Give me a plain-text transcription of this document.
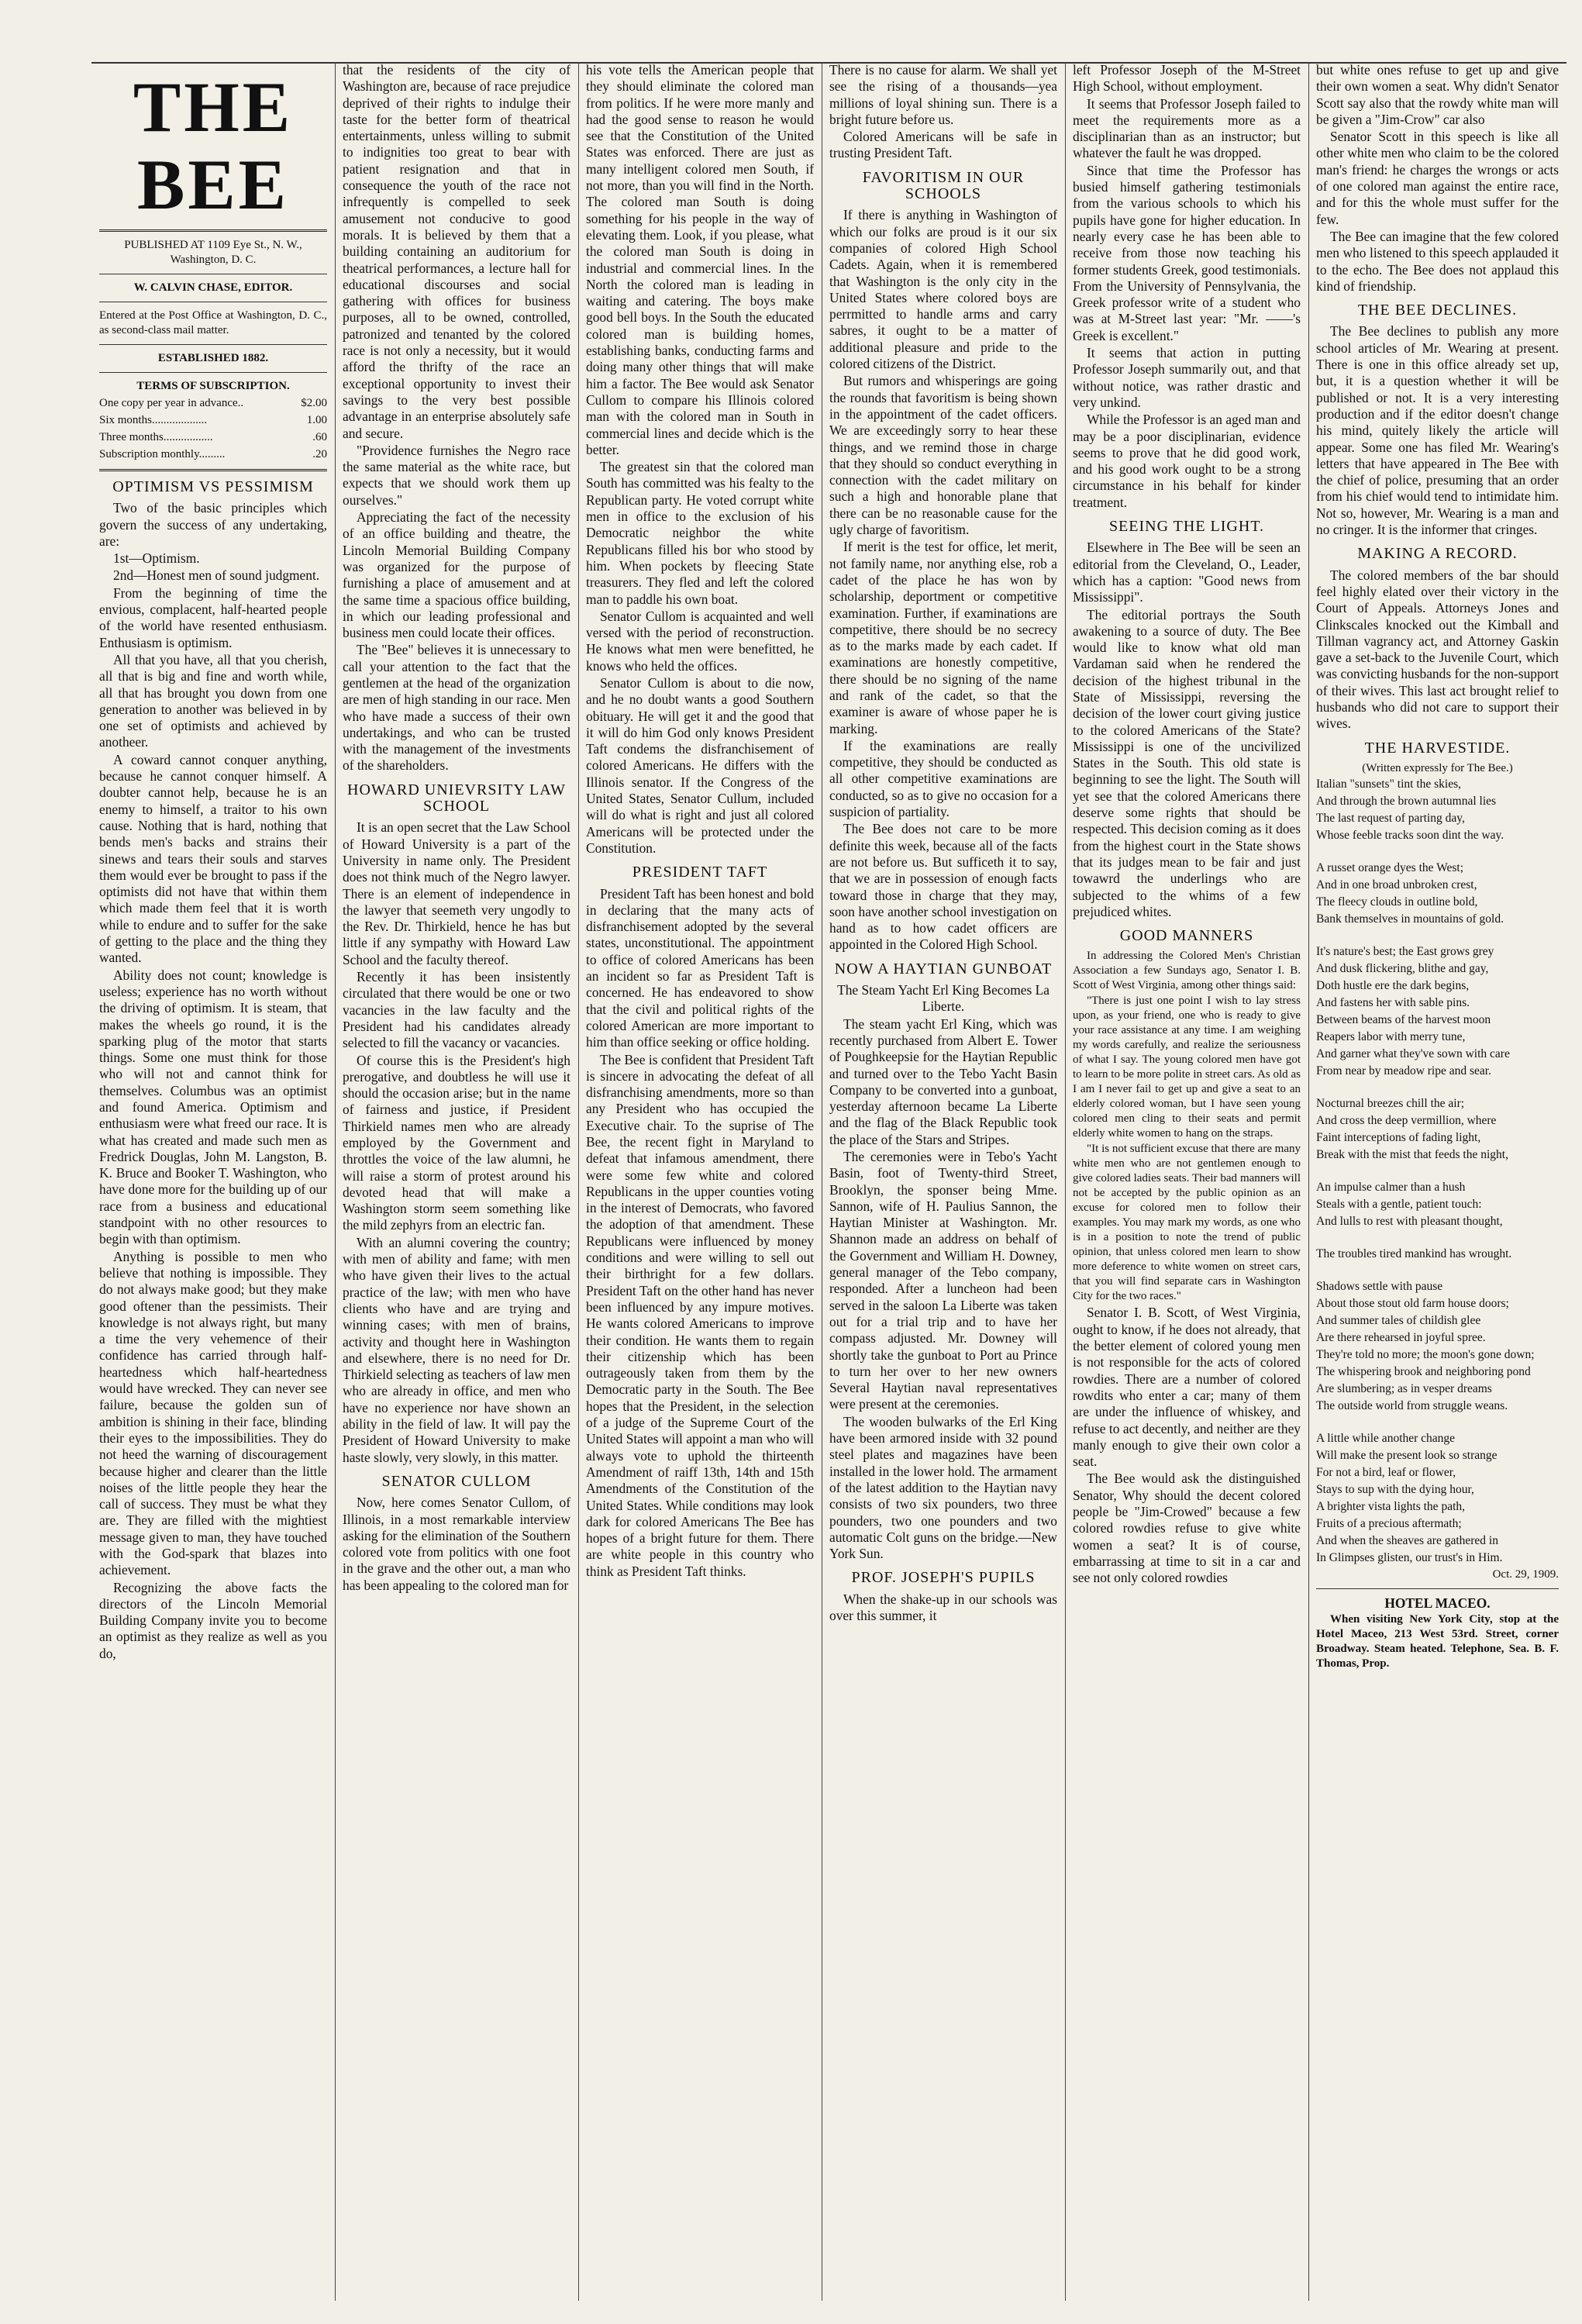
THE BEE

PUBLISHED AT 1109 Eye St., N. W., Washington, D. C.

W. CALVIN CHASE, EDITOR.

Entered at the Post Office at Washington, D. C., as second-class mail matter.

ESTABLISHED 1882.

TERMS OF SUBSCRIPTION.

One copy per year in advance..	$2.00
Six months...................	1.00
Three months.................	.60
Subscription monthly.........	.20
OPTIMISM VS PESSIMISM

Two of the basic principles which govern the success of any undertaking, are:

1st—Optimism.

2nd—Honest men of sound judgment.

From the beginning of time the envious, complacent, half-hearted people of the world have resented enthusiasm. Enthusiasm is optimism.

All that you have, all that you cherish, all that is big and fine and worth while, all that has brought you down from one generation to another was believed in by one set of optimists and achieved by anotheer.

A coward cannot conquer anything, because he cannot conquer himself. A doubter cannot help, because he is an enemy to himself, a traitor to his own cause. Nothing that is hard, nothing that bends men's backs and strains their sinews and tears their souls and starves them would ever be brought to pass if the optimists did not have that within them which made them feel that it is worth while to endure and to suffer for the sake of getting to the place and the thing they wanted.

Ability does not count; knowledge is useless; experience has no worth without the driving of optimism. It is steam, that makes the wheels go round, it is the sparking plug of the motor that starts things. Some one must think for those who will not and cannot think for themselves. Columbus was an optimist and found America. Optimism and enthusiasm were what freed our race. It is what has created and made such men as Fredrick Douglas, John M. Langston, B. K. Bruce and Booker T. Washington, who have done more for the building up of our race from a business and educational standpoint with no other resources to begin with than optimism.

Anything is possible to men who believe that nothing is impossible. They do not always make good; but they make good oftener than the pessimists. Their knowledge is not always right, but many a time the very vehemence of their confidence has carried through half-heartedness which half-heartedness would have wrecked. They can never see failure, because the golden sun of ambition is shining in their face, blinding their eyes to the impossibilities. They do not heed the warning of discouragement because higher and clearer than the little noises of the little people they hear the call of success. They must be what they are. They are filled with the mightiest message given to man, they have touched with the God-spark that blazes into achievement.

Recognizing the above facts the directors of the Lincoln Memorial Building Company invite you to become an optimist as they realize as well as you do,

that the residents of the city of Washington are, because of race prejudice deprived of their rights to indulge their taste for the better form of theatrical entertainments, unless willing to submit to indignities too great to bear with patient resignation and that in consequence the youth of the race not infrequently is compelled to seek amusement not conducive to good morals. It is believed by them that a building containing an auditorium for theatrical performances, a lecture hall for educational discourses and social gathering with offices for business purposes, all to be owned, controlled, patronized and tenanted by the colored race is not only a necessity, but it would afford the thrifty of the race an exceptional opportunity to invest their savings to the very best possible advantage in an enterprise absolutely safe and secure.

"Providence furnishes the Negro race the same material as the white race, but expects that we should work them up ourselves."

Appreciating the fact of the necessity of an office building and theatre, the Lincoln Memorial Building Company was organized for the purpose of furnishing a place of amusement and at the same time a spacious office building, in which our leading professional and business men could locate their offices.

The "Bee" believes it is unnecessary to call your attention to the fact that the gentlemen at the head of the organization are men of high standing in our race. Men who have made a success of their own undertakings, and who can be trusted with the management of the investments of the shareholders.

HOWARD UNIEVRSITY LAW SCHOOL

It is an open secret that the Law School of Howard University is a part of the University in name only. The President does not think much of the Negro lawyer. There is an element of independence in the lawyer that seemeth very ungodly to the Rev. Dr. Thirkield, hence he has but little if any sympathy with Howard Law School and the faculty thereof.

Recently it has been insistently circulated that there would be one or two vacancies in the law faculty and the President had his candidates already selected to fill the vacancy or vacancies.

Of course this is the President's high prerogative, and doubtless he will use it should the occasion arise; but in the name of fairness and justice, if President Thirkield names men who are already employed by the Government and throttles the voice of the law alumni, he will raise a storm of protest around his devoted head that will make a Washington storm seem something like the mild zephyrs from an electric fan.

With an alumni covering the country; with men of ability and fame; with men who have given their lives to the actual practice of the law; with men who have clients who have and are trying and winning cases; with men of brains, activity and thought here in Washington and elsewhere, there is no need for Dr. Thirkield selecting as teachers of law men who are already in office, and men who have no experience nor have shown an ability in the field of law. It will pay the President of Howard University to make haste slowly, very slowly, in this matter.

SENATOR CULLOM

Now, here comes Senator Cullom, of Illinois, in a most remarkable interview asking for the elimination of the Southern colored vote from politics with one foot in the grave and the other out, a man who has been appealing to the colored man for

his vote tells the American people that they should eliminate the colored man from politics. If he were more manly and had the good sense to reason he would see that the Constitution of the United States was enforced. There are just as many intelligent colored men South, if not more, than you will find in the North. The colored man South is doing something for his people in the way of elevating them. Look, if you please, what the colored man South is doing in industrial and commercial lines. In the North the colored man is leading in waiting and catering. The boys make good bell boys. In the South the educated colored man is building homes, establishing banks, conducting farms and doing many other things that will make him a factor. The Bee would ask Senator Cullom to compare his Illinois colored man with the colored man in South in commercial lines and decide which is the better.

The greatest sin that the colored man South has committed was his fealty to the Republican party. He voted corrupt white men in office to the exclusion of his Democratic neighbor the white Republicans filled his bor who stood by him. When pockets by fleecing State treasurers. They fled and left the colored man to paddle his own boat.

Senator Cullom is acquainted and well versed with the period of reconstruction. He knows what men were benefitted, he knows who held the offices.

Senator Cullom is about to die now, and he no doubt wants a good Southern obituary. He will get it and the good that it will do him God only knows President Taft condems the disfranchisement of colored Americans. He differs with the Illinois senator. If the Congress of the United States, Senator Cullum, included will do what is right and just all colored Americans will be protected under the Constitution.

PRESIDENT TAFT

President Taft has been honest and bold in declaring that the many acts of disfranchisement adopted by the several states, unconstitutional. The appointment to office of colored Americans has been an incident so far as President Taft is concerned. He has endeavored to show that the civil and political rights of the colored American are more important to him than office seeking or office holding.

The Bee is confident that President Taft is sincere in advocating the defeat of all disfranchising amendments, more so than any President who has occupied the Executive chair. To the suprise of The Bee, the recent fight in Maryland to defeat that infamous amendment, there were some few white and colored Republicans in the upper counties voting in the interest of Democrats, who favored the adoption of that amendment. These Republicans were influenced by money conditions and were willing to sell out their birthright for a few dollars. President Taft on the other hand has never been influenced by any impure motives. He wants colored Americans to improve their condition. He wants them to regain their citizenship which has been outrageously taken from them by the Democratic party in the South. The Bee hopes that the President, in the selection of a judge of the Supreme Court of the United States will appoint a man who will always vote to uphold the thirteenth Amendment of raiff 13th, 14th and 15th Amendments of the Constitution of the United States. While conditions may look dark for colored Americans The Bee has hopes of a bright future for them. There are white people in this country who think as President Taft thinks.

There is no cause for alarm. We shall yet see the rising of a thousands—yea millions of loyal shining sun. There is a bright future before us.

Colored Americans will be safe in trusting President Taft.

FAVORITISM IN OUR SCHOOLS

If there is anything in Washington of which our folks are proud is it our six companies of colored High School Cadets. Again, when it is remembered that Washington is the only city in the United States where colored boys are perrmitted to handle arms and carry sabres, it ought to be a matter of additional pleasure and pride to the colored citizens of the District.

But rumors and whisperings are going the rounds that favoritism is being shown in the appointment of the cadet officers. We are exceedingly sorry to hear these things, and we remind those in charge that they should so conduct everything in connection with the cadet military on such a high and honorable plane that there can be no reasonable cause for the ugly charge of favoritism.

If merit is the test for office, let merit, not family name, nor anything else, rob a cadet of the place he has won by scholarship, deportment or competitive examination. Further, if examinations are competitive, there should be no secrecy as to the marks made by each cadet. If examinations are honestly competitive, there should be no signing of the name and rank of the cadet, so that the examiner is aware of whose paper he is marking.

If the examinations are really competitive, they should be conducted as all other competitive examinations are conducted, so as to give no occasion for a suspicion of partiality.

The Bee does not care to be more definite this week, because all of the facts are not before us. But sufficeth it to say, that we are in possession of enough facts toward those in charge that they may, soon have another school investigation on hand as to how cadet officers are appointed in the Colored High School.

NOW A HAYTIAN GUNBOAT

The Steam Yacht Erl King Becomes La Liberte.

The steam yacht Erl King, which was recently purchased from Albert E. Tower of Poughkeepsie for the Haytian Republic and turned over to the Tebo Yacht Basin Company to be converted into a gunboat, yesterday afternoon became La Liberte and the flag of the Black Republic took the place of the Stars and Stripes.

The ceremonies were in Tebo's Yacht Basin, foot of Twenty-third Street, Brooklyn, the sponser being Mme. Sannon, wife of H. Paulius Sannon, the Haytian Minister at Washington. Mr. Shannon made an address on behalf of the Government and William H. Downey, general manager of the Tebo company, responded. After a luncheon had been served in the saloon La Liberte was taken out for a trial trip and to have her compass adjusted. Mr. Downey will shortly take the gunboat to Port au Prince to turn her over to her new owners Several Haytian naval representatives were present at the ceremonies.

The wooden bulwarks of the Erl King have been armored inside with 32 pound steel plates and magazines have been installed in the lower hold. The armament of the latest addition to the Haytian navy consists of two six pounders, two three pounders, two one pounders and two automatic Colt guns on the bridge.—New York Sun.

PROF. JOSEPH'S PUPILS

When the shake-up in our schools was over this summer, it

left Professor Joseph of the M-Street High School, without employment.

It seems that Professor Joseph failed to meet the requirements more as a disciplinarian than as an instructor; but whatever the fault he was dropped.

Since that time the Professor has busied himself gathering testimonials from the various schools to which his pupils have gone for higher education. In nearly every case he has been able to receive from those now teaching his former students Greek, good testimonials. From the University of Pennsylvania, the Greek professor write of a student who was at M-Street last year: "Mr. ——'s Greek is excellent."

It seems that action in putting Professor Joseph summarily out, and that without notice, was rather drastic and very unkind.

While the Professor is an aged man and may be a poor disciplinarian, evidence seems to prove that he did good work, and his good work ought to be a strong circumstance in his behalf for kinder treatment.

SEEING THE LIGHT.

Elsewhere in The Bee will be seen an editorial from the Cleveland, O., Leader, which has a caption: "Good news from Mississippi".

The editorial portrays the South awakening to a source of duty. The Bee would like to know what old man Vardaman said when he rendered the decision of the highest tribunal in the State of Mississippi, reversing the decision of the lower court giving justice to the colored Americans of the State? Mississippi is one of the uncivilized States in the South. This old state is beginning to see the light. The South will yet see that the colored Americans there deserve some rights that should be respected. This decision coming as it does from the highest court in the State shows that its judges mean to be fair and just towawrd the underlings who are subjected to the whims of a few prejudiced whites.

GOOD MANNERS

In addressing the Colored Men's Christian Association a few Sundays ago, Senator I. B. Scott of West Virginia, among other things said:

"There is just one point I wish to lay stress upon, as your friend, one who is ready to give your race assistance at any time. I am weighing my words carefully, and realize the seriousness of what I say. The young colored men have got to learn to be more polite in street cars. As old as I am I never fail to get up and give a seat to an elderly colored woman, but I have seen young colored men cling to their seats and permit elderly white women to hang on the straps.

"It is not sufficient excuse that there are many white men who are not gentlemen enough to give colored ladies seats. Their bad manners will not be accepted by the public opinion as an excuse for colored men to follow their examples. You may mark my words, as one who is in a position to note the trend of public opinion, that unless colored men learn to show more deference to white women on street cars, that you will find separate cars in Washington City for the two races."

Senator I. B. Scott, of West Virginia, ought to know, if he does not already, that the better element of colored young men is not responsible for the acts of colored rowdies. There are a number of colored rowdits who enter a car; many of them are under the influence of whiskey, and refuse to act decently, and neither are they manly enough to give their own color a seat.

The Bee would ask the distinguished Senator, Why should the decent colored people be "Jim-Crowed" because a few colored rowdies refuse to give white women a seat? It is of course, embarrassing at time to sit in a car and see not only colored rowdies

but white ones refuse to get up and give their own women a seat. Why didn't Senator Scott say also that the rowdy white man will be given a "Jim-Crow" car also

Senator Scott in this speech is like all other white men who claim to be the colored man's friend: he charges the wrongs or acts of one colored man against the entire race, and for this the whole must suffer for the few.

The Bee can imagine that the few colored men who listened to this speech applauded it to the echo. The Bee does not applaud this kind of friendship.

THE BEE DECLINES.

The Bee declines to publish any more school articles of Mr. Wearing at present. There is one in this office already set up, but, it is a question whether it will be published or not. It is a very interesting production and if the editor doesn't change his mind, quitely likely the article will appear. Some one has filed Mr. Wearing's letters that have appeared in The Bee with the chief of police, presuming that an order from his chief would tend to intimidate him. Not so, however, Mr. Wearing is a man and no cringer. It is the informer that cringes.

MAKING A RECORD.

The colored members of the bar should feel highly elated over their victory in the Court of Appeals. Attorneys Jones and Clinkscales knocked out the Kimball and Tillman vagrancy act, and Attorney Gaskin gave a set-back to the Juvenile Court, which was convicting husbands for the non-support of their wives. This last act brought relief to husbands who did not care to support their wives.

THE HARVESTIDE.

(Written expressly for The Bee.)

Italian "sunsets" tint the skies,

And through the brown autumnal lies

The last request of parting day,

Whose feeble tracks soon dint the way.

A russet orange dyes the West;

And in one broad unbroken crest,

The fleecy clouds in outline bold,

Bank themselves in mountains of gold.

It's nature's best; the East grows grey

And dusk flickering, blithe and gay,

Doth hustle ere the dark begins,

And fastens her with sable pins.

Between beams of the harvest moon

Reapers labor with merry tune,

And garner what they've sown with care

From near by meadow ripe and sear.

Nocturnal breezes chill the air;

And cross the deep vermillion, where

Faint interceptions of fading light,

Break with the mist that feeds the night,

An impulse calmer than a hush

Steals with a gentle, patient touch:

And lulls to rest with pleasant thought,

The troubles tired mankind has wrought.

Shadows settle with pause

About those stout old farm house doors;

And summer tales of childish glee

Are there rehearsed in joyful spree.

They're told no more; the moon's gone down;

The whispering brook and neighboring pond

Are slumbering; as in vesper dreams

The outside world from struggle weans.

A little while another change

Will make the present look so strange

For not a bird, leaf or flower,

Stays to sup with the dying hour,

A brighter vista lights the path,

Fruits of a precious aftermath;

And when the sheaves are gathered in

In Glimpses glisten, our trust's in Him.

Oct. 29, 1909.

HOTEL MACEO.

When visiting New York City, stop at the Hotel Maceo, 213 West 53rd. Street, corner Broadway. Steam heated. Telephone, Sea. B. F. Thomas, Prop.
